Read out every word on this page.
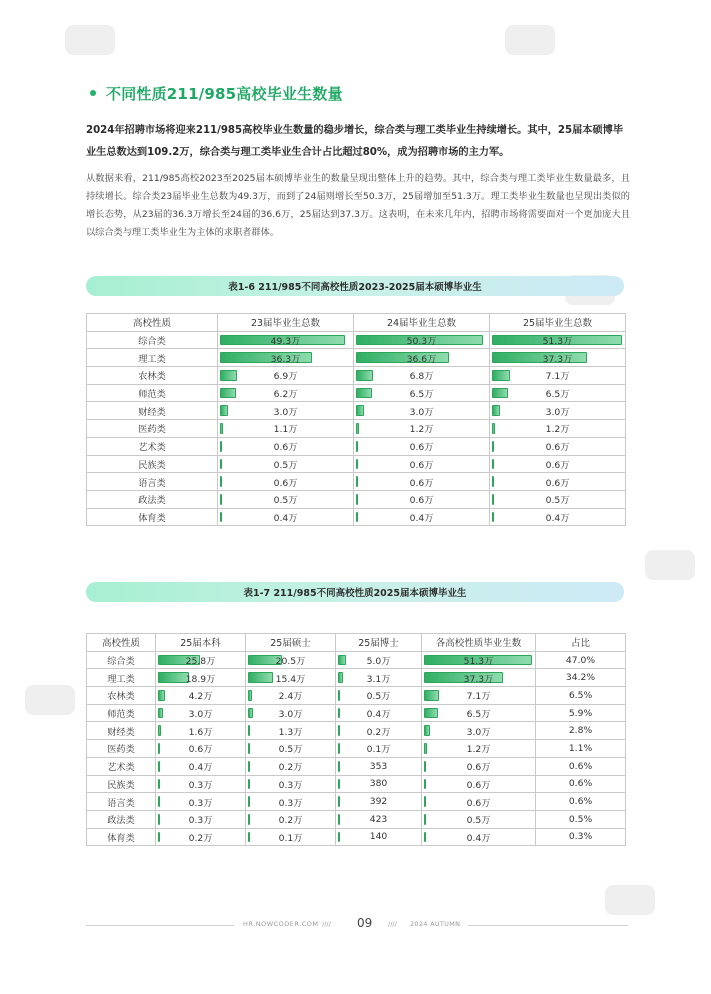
不同性质211/985高校毕业生数量

2024年招聘市场将迎来211/985高校毕业生数量的稳步增长，综合类与理工类毕业生持续增长。其中，25届本硕博毕业生总数达到109.2万，综合类与理工类毕业生合计占比超过80%，成为招聘市场的主力军。

从数据来看，211/985高校2023至2025届本硕博毕业生的数量呈现出整体上升的趋势。其中，综合类与理工类毕业生数量最多，且持续增长。综合类23届毕业生总数为49.3万，而到了24届则增长至50.3万，25届增加至51.3万。理工类毕业生数量也呈现出类似的增长态势，从23届的36.3万增长至24届的36.6万，25届达到37.3万。这表明，在未来几年内，招聘市场将需要面对一个更加庞大且以综合类与理工类毕业生为主体的求职者群体。

表1-6 211/985不同高校性质2023-2025届本硕博毕业生
高校性质	23届毕业生总数	24届毕业生总数	25届毕业生总数

综合类	49.3万	50.3万	51.3万

理工类	36.3万	36.6万	37.3万

农林类	6.9万	6.8万	7.1万

师范类	6.2万	6.5万	6.5万

财经类	3.0万	3.0万	3.0万

医药类	1.1万	1.2万	1.2万

艺术类	0.6万	0.6万	0.6万

民族类	0.5万	0.6万	0.6万

语言类	0.6万	0.6万	0.6万

政法类	0.5万	0.6万	0.5万

体育类	0.4万	0.4万	0.4万
表1-7 211/985不同高校性质2025届本硕博毕业生
高校性质	25届本科	25届硕士	25届博士	各高校性质毕业生数	占比

综合类	25.8万	20.5万	5.0万	51.3万	47.0%

理工类	18.9万	15.4万	3.1万	37.3万	34.2%

农林类	4.2万	2.4万	0.5万	7.1万	6.5%

师范类	3.0万	3.0万	0.4万	6.5万	5.9%

财经类	1.6万	1.3万	0.2万	3.0万	2.8%

医药类	0.6万	0.5万	0.1万	1.2万	1.1%

艺术类	0.4万	0.2万	353	0.6万	0.6%

民族类	0.3万	0.3万	380	0.6万	0.6%

语言类	0.3万	0.3万	392	0.6万	0.6%

政法类	0.3万	0.2万	423	0.5万	0.5%

体育类	0.2万	0.1万	140	0.4万	0.3%
HR.NOWCODER.COM //// 09 //// 2024 AUTUMN
